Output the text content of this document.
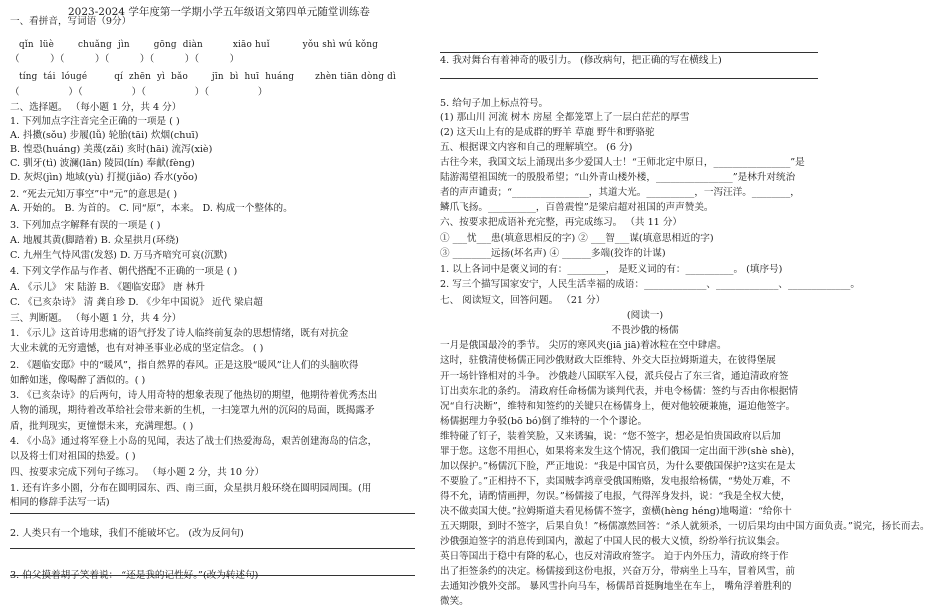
2023-2024 学年度第一学期小学五年级语文第四单元随堂训练卷
一、看拼音，写词语（9分）
qǐn  lüè        chuǎng  jìn        gōng  diàn          xiāo huǐ           yǒu shì wú kǒng
（          ）（          ）（          ）（          ）（          ）
tíng  tái  lóugé         qí  zhēn  yì  bǎo        jīn  bì  huī  huáng       zhèn tiān dòng dì
（                ）（                ）（                ）（                ）
二、选择题。 （每小题 1 分，共 4 分）
1. 下列加点字注音完全正确的一项是 ( )
A. 抖擞(sǒu) 步履(lǚ) 轮胎(tāi) 炊烟(chuī)
B. 惶恐(huáng) 美蔑(zǎi) 亥时(hāi) 流泻(xiè)
C. 驯牙(tì) 波澜(lān) 陵园(lín) 奉献(fèng)
D. 灰烬(jìn) 地域(yù) 打搅(jiǎo) 呑水(yǒo)
2. “死去元知万事空”中“元”的意思是( )
A. 开始的。 B. 为首的。 C. 同“原”，本来。 D. 构成一个整体的。
3. 下列加点字解释有误的一项是 ( )
A. 地履其黄(脚踏着) B. 众星拱月(环绕)
C. 九州生气恃风雷(发怒) D. 万马齐喑究可哀(沉默)
4. 下列文学作品与作者、朝代搭配不正确的一项是 ( )
A. 《示儿》 宋 陆游 B. 《题临安邸》 唐 林升
C. 《已亥杂诗》 清 龚自珍 D. 《少年中国说》 近代 梁启超
三、判断题。 （每小题 1 分，共 4 分）
1. 《示儿》这首诗用悲痛的语气抒发了诗人临终前复杂的思想情绪，既有对抗金
大业未就的无穷遗憾，也有对神圣事业必成的坚定信念。 ( )
2. 《题临安邸》中的“暖风”，指自然界的春风。正是这股“暖风”让人们的头脑吹得
如醉如迷，像喝醉了酒似的。( )
3. 《已亥杂诗》的后两句，诗人用奇特的想象表现了他热切的期望，他期待着优秀杰出
人物的涌现，期待着改革给社会带来新的生机，一扫笼罩九州的沉闷的局面，既揭露矛
盾，批判现实，更憧憬未来，充满理想。( )
4. 《小岛》通过将军登上小岛的见闻，表达了战士们热爱海岛，艰苦创建海岛的信念，
以及将士们对祖国的热爱。( )
四、按要求完成下列句子练习。 （每小题 2 分，共 10 分）
1. 还有许多小園，分布在圆明园东、西、南三面，众星拱月般环绕在圆明园周围。(用
相同的修辞手法写一话)
2. 人类只有一个地球，我们不能破坏它。 (改为反问句)
3. 伯父摸着胡子笑着说： “还是我的记性好。”(改为转述句)
4. 我对舞台有着神奇的吸引力。 (修改病句，把正确的写在横线上)
5. 给句子加上标点符号。
(1) 那山川 河流 树木 房屋 全都笼罩上了一层白茫茫的厚雪
(2) 这天山上有的是成群的野羊 草鹿 野牛和野骆驼
五、根据课文内容和自己的理解填空。 (6 分)
古往今来，我国文坛上涌现出多少爱国人士！“王师北定中原日，________________”是
陆游渴望祖国统一的殷殷希望；“山外青山楼外楼，________________”是林升对统治
者的声声谴责；“________________，其道大光。__________，一泻汪洋。________，
鳞爪飞扬。__________，百兽震惶”是梁启超对祖国的声声赞美。
六、按要求把成语补充完整，再完成练习。 （共 11 分）
① ___忧___患(填意思相反的字) ② ___智___谋(填意思相近的字)
③ ________远扬(坏名声) ④ ______多端(狡诈的计谋)
1. 以上各词中是褒义词的有：________， 是贬义词的有：__________。 (填序号)
2. 写三个描写国家安宁，人民生活幸福的成语：_____________、_____________、_____________。
七、 阅读短文，回答问题。 （21 分）
(阅读一)
不畏沙俄的杨儒
一月是俄国最冷的季节。 尖厉的寒风夹(jiā jiā)着冰粒在空中肆虐。
这时，驻俄清使杨儒正同沙俄财政大臣维特、外交大臣拉姆斯道夫，在彼得堡展
开一场针锋相对的斗争。 沙俄趁八国联军入侵，派兵侵占了东三省，通迫清政府签
订出卖东北的条约。 清政府任命杨儒为谈判代表，并电令杨儒：签约与否由你根据情
况“自行决断”，维特和知签约的关键只在杨儒身上，便对他较硬兼施，逼迫他签字。
杨儒据理力争驳(bō bó)倒了维特的一个个谬论。
维特碰了钉子，装着笑脸，又来诱骗，说：“您不签字，想必是怕贵国政府以后加
罪于您。这您不用担心，如果将来发生这个情况，我们俄国一定出面干涉(shè shè)，
加以保护。”杨儒沉下脸，严正地说：“我是中国官员，为什么要俄国保护?这实在是太
不要脸了。”正相持不下，卖国贼李鸿章受俄国贿赂，发电报给杨儒，“势处万难，不
得不允，请酌情画押，勿误。”杨儒接了电报，气得浑身发抖，说：“我是全权大使，
决不做卖国大使。”拉姆斯道夫看见杨儒不签字，蛮横(hèng héng)地喝道：“给你十
五天期限，到时不签字，后果自负！”杨儒凛然回答：“杀人就须杀，一切后果均由中国方面负责。”说完，扬长而去。
沙俄强迫签字的消息传到国内，激起了中国人民的极大义愤，纷纷举行抗议集会。
英日等国出于稳中有降的私心，也反对清政府签字。 迫于内外压力，清政府终于作
出了拒签条约的决定。杨儒接到这份电报，兴奋万分，带病坐上马车，冒着风雪，前
去通知沙俄外交部。 暴风雪扑向马车，杨儒昂首挺胸地坐在车上， 嘴角浮着胜利的
微笑。
